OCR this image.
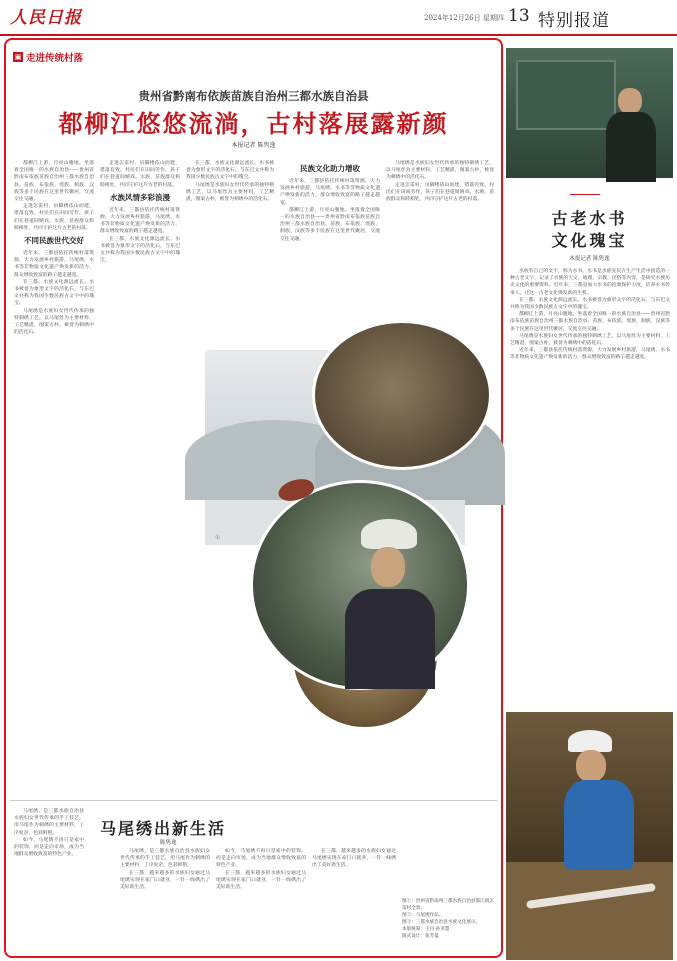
人民日报	2024年12月26日 星期四 13 特别报道
▣ 走进传统村落
贵州省黔南布依族苗族自治州三都水族自治县
都柳江悠悠流淌，古村落展露新颜
本报记者 陈隽逸

都柳江上游，月亮山腹地。坐落着全国唯一的水族自治县——贵州省黔南布依族苗族自治州三都水族自治县。苗族、布依族、瑶族、侗族、汉族等多个民族在这里世代聚居，交流交往交融。

走进怎雷村，吊脚楼依山而建，错落有致。村民们在田间劳作，孩子们在巷道间嬉戏。水族、苗族群众和睦相处，共同守护这片古老的村落。

不同民族世代交好

近年来，三都县依托传统村落资源，大力发展乡村旅游，马尾绣、水书等非物质文化遗产焕发新的活力，群众增收致富的路子越走越宽。

在三都，水族文化源远流长。水书被誉为象形文字的活化石，与东巴文并称为我国少数民族古文字中的瑰宝。

马尾绣是水族妇女世代传承的独特刺绣工艺，以马尾丝为主要材料，工艺精湛，图案古朴，被誉为刺绣中的活化石。

走进怎雷村，吊脚楼依山而建，错落有致。村民们在田间劳作，孩子们在巷道间嬉戏。水族、苗族群众和睦相处，共同守护这片古老的村落。

水族风情多彩浪漫

近年来，三都县依托传统村落资源，大力发展乡村旅游，马尾绣、水书等非物质文化遗产焕发新的活力，群众增收致富的路子越走越宽。

在三都，水族文化源远流长。水书被誉为象形文字的活化石，与东巴文并称为我国少数民族古文字中的瑰宝。

在三都，水族文化源远流长。水书被誉为象形文字的活化石，与东巴文并称为我国少数民族古文字中的瑰宝。

马尾绣是水族妇女世代传承的独特刺绣工艺，以马尾丝为主要材料，工艺精湛，图案古朴，被誉为刺绣中的活化石。

民族文化助力增收

近年来，三都县依托传统村落资源，大力发展乡村旅游，马尾绣、水书等非物质文化遗产焕发新的活力，群众增收致富的路子越走越宽。

都柳江上游，月亮山腹地。坐落着全国唯一的水族自治县——贵州省黔南布依族苗族自治州三都水族自治县。苗族、布依族、瑶族、侗族、汉族等多个民族在这里世代聚居，交流交往交融。

马尾绣是水族妇女世代传承的独特刺绣工艺，以马尾丝为主要材料，工艺精湛，图案古朴，被誉为刺绣中的活化石。

走进怎雷村，吊脚楼依山而建，错落有致。村民们在田间劳作，孩子们在巷道间嬉戏。水族、苗族群众和睦相处，共同守护这片古老的村落。

①
马尾绣出新生活
陈隽逸

马尾绣，是三都水族自治县水族妇女世代传承的手工技艺，用马尾作为刺绣的主要材料，工序复杂，色彩鲜艳。

如今，马尾绣不再只是家中的装饰，而是走向市场，成为当地群众增收致富的特色产业。

马尾绣，是三都水族自治县水族妇女世代传承的手工技艺，用马尾作为刺绣的主要材料，工序复杂，色彩鲜艳。

在三都，越来越多的水族妇女通过马尾绣实现在家门口就业，一针一线绣出了美好新生活。

如今，马尾绣不再只是家中的装饰，而是走向市场，成为当地群众增收致富的特色产业。

在三都，越来越多的水族妇女通过马尾绣实现在家门口就业，一针一线绣出了美好新生活。

在三都，越来越多的水族妇女通过马尾绣实现在家门口就业，一针一线绣出了美好新生活。

图①：贵州省黔南州三都水族自治县都江镇怎雷村全景。
图②：马尾绣作品。
图③：三都水族自治县水族文化展示。
本版统筹：王丹 孙亚慧
版式设计：张芳曼
古老水书
文化瑰宝
本报记者 陈隽逸

水族有自己的文字，称为水书。水书是水族先民在生产生活中创造的一种古老文字，记录了水族的天文、地理、宗教、民俗等内容，是研究水族历史文化的重要资料。近年来，三都县加大水书的抢救保护力度，培养水书传承人，让这一古老文化焕发新的生机。

在三都，水族文化源远流长。水书被誉为象形文字的活化石，与东巴文并称为我国少数民族古文字中的瑰宝。

都柳江上游，月亮山腹地。坐落着全国唯一的水族自治县——贵州省黔南布依族苗族自治州三都水族自治县。苗族、布依族、瑶族、侗族、汉族等多个民族在这里世代聚居，交流交往交融。

马尾绣是水族妇女世代传承的独特刺绣工艺，以马尾丝为主要材料，工艺精湛，图案古朴，被誉为刺绣中的活化石。

近年来，三都县依托传统村落资源，大力发展乡村旅游，马尾绣、水书等非物质文化遗产焕发新的活力，群众增收致富的路子越走越宽。
